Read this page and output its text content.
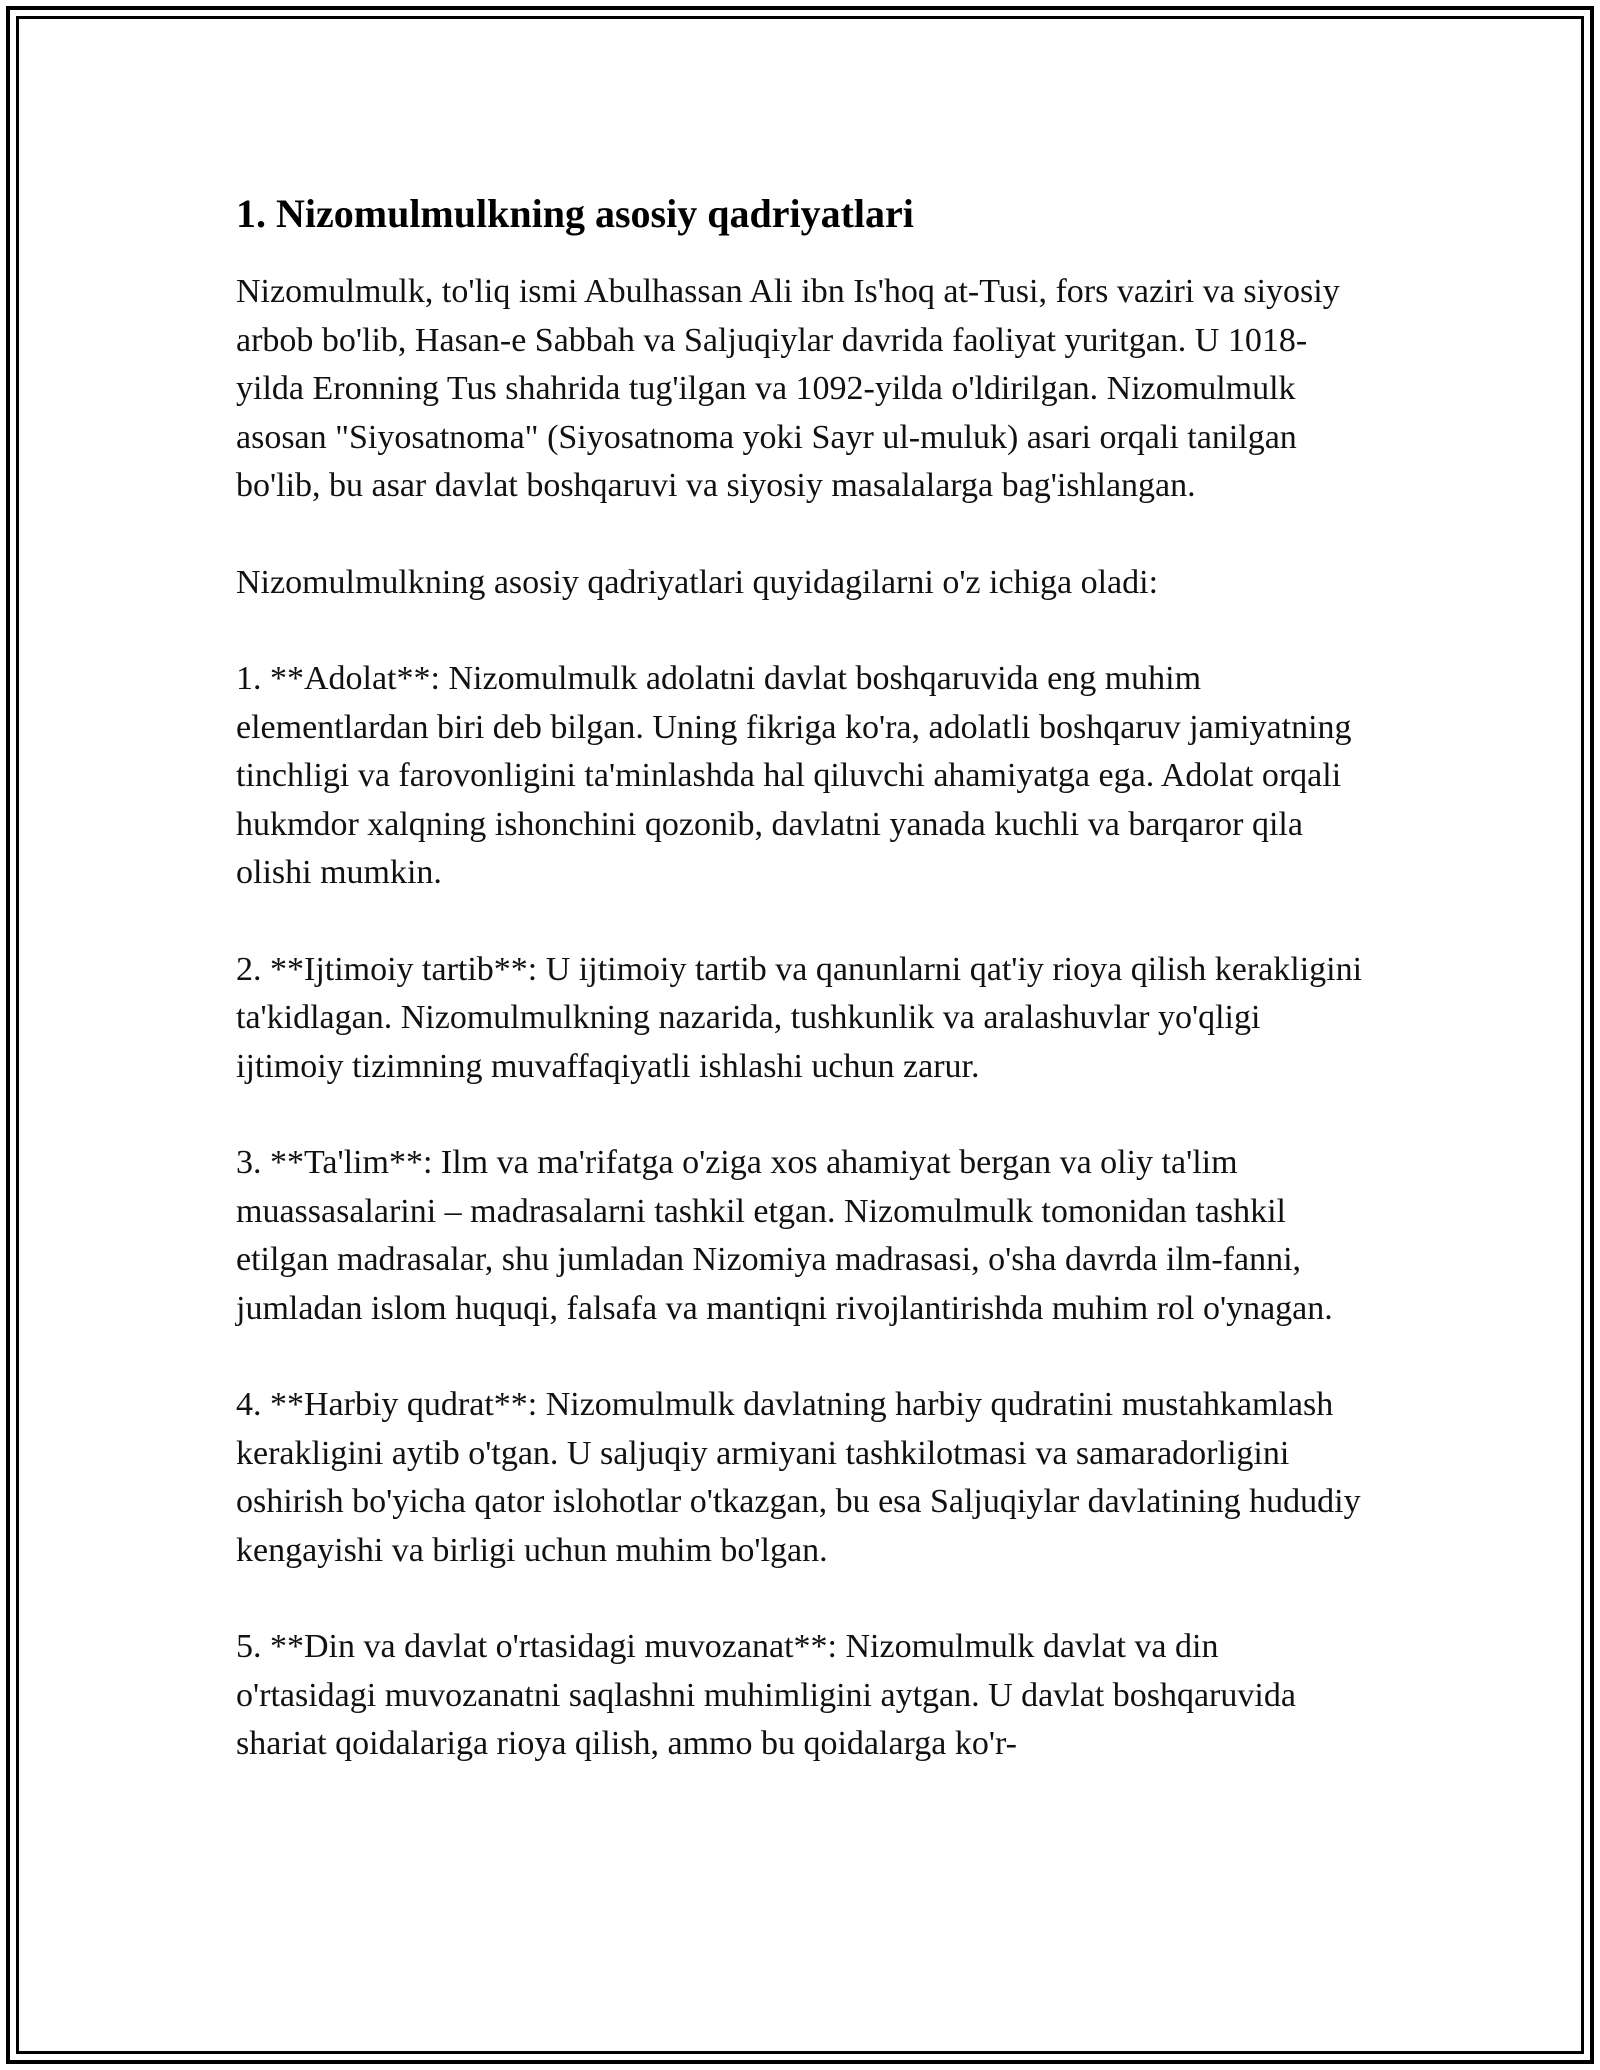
1. Nizomulmulkning asosiy qadriyatlari

Nizomulmulk, to'liq ismi Abulhassan Ali ibn Is'hoq at-Tusi, fors vaziri va siyosiy arbob bo'lib, Hasan-e Sabbah va Saljuqiylar davrida faoliyat yuritgan. U 1018-yilda Eronning Tus shahrida tug'ilgan va 1092-yilda o'ldirilgan. Nizomulmulk asosan "Siyosatnoma" (Siyosatnoma yoki Sayr ul-muluk) asari orqali tanilgan bo'lib, bu asar davlat boshqaruvi va siyosiy masalalarga bag'ishlangan.

Nizomulmulkning asosiy qadriyatlari quyidagilarni o'z ichiga oladi:

1. **Adolat**: Nizomulmulk adolatni davlat boshqaruvida eng muhim elementlardan biri deb bilgan. Uning fikriga ko'ra, adolatli boshqaruv jamiyatning tinchligi va farovonligini ta'minlashda hal qiluvchi ahamiyatga ega. Adolat orqali hukmdor xalqning ishonchini qozonib, davlatni yanada kuchli va barqaror qila olishi mumkin.

2. **Ijtimoiy tartib**: U ijtimoiy tartib va qanunlarni qat'iy rioya qilish kerakligini ta'kidlagan. Nizomulmulkning nazarida, tushkunlik va aralashuvlar yo'qligi ijtimoiy tizimning muvaffaqiyatli ishlashi uchun zarur.

3. **Ta'lim**: Ilm va ma'rifatga o'ziga xos ahamiyat bergan va oliy ta'lim muassasalarini – madrasalarni tashkil etgan. Nizomulmulk tomonidan tashkil etilgan madrasalar, shu jumladan Nizomiya madrasasi, o'sha davrda ilm-fanni, jumladan islom huquqi, falsafa va mantiqni rivojlantirishda muhim rol o'ynagan.

4. **Harbiy qudrat**: Nizomulmulk davlatning harbiy qudratini mustahkamlash kerakligini aytib o'tgan. U saljuqiy armiyani tashkilotmasi va samaradorligini oshirish bo'yicha qator islohotlar o'tkazgan, bu esa Saljuqiylar davlatining hududiy kengayishi va birligi uchun muhim bo'lgan.

5. **Din va davlat o'rtasidagi muvozanat**: Nizomulmulk davlat va din o'rtasidagi muvozanatni saqlashni muhimligini aytgan. U davlat boshqaruvida shariat qoidalariga rioya qilish, ammo bu qoidalarga ko'r-
